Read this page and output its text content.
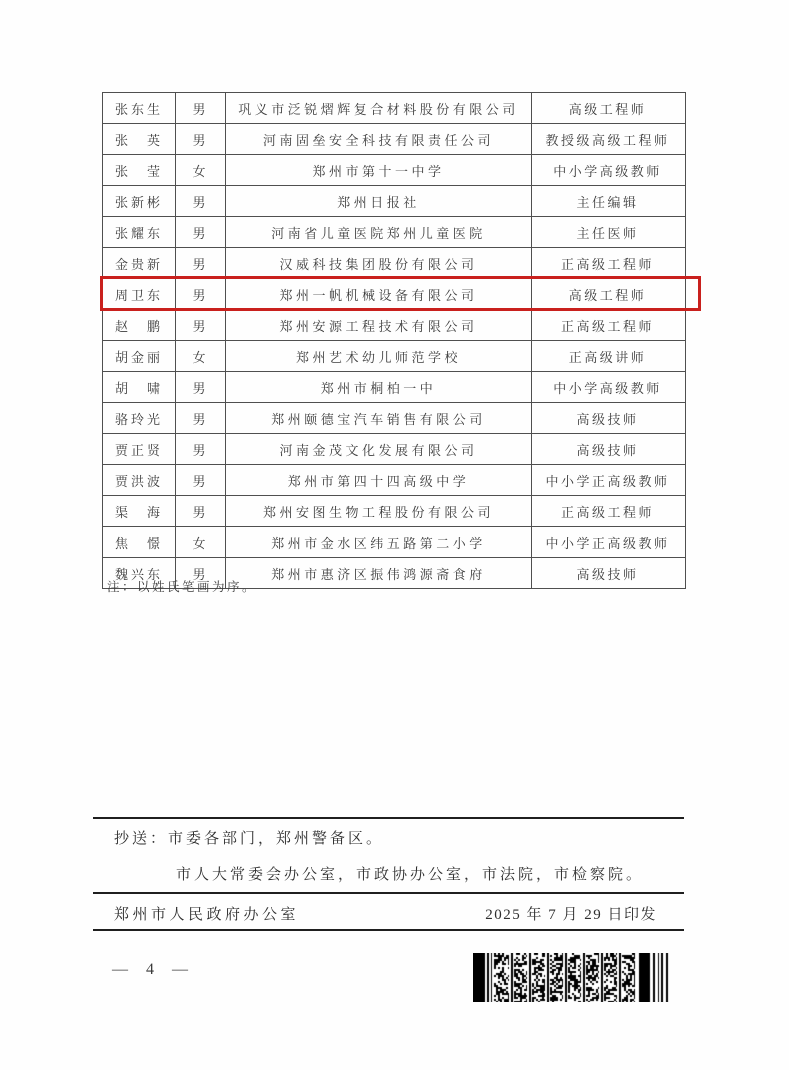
张东生	男	巩义市泛锐熠辉复合材料股份有限公司	高级工程师
张　英	男	河南固垒安全科技有限责任公司	教授级高级工程师
张　莹	女	郑州市第十一中学	中小学高级教师
张新彬	男	郑州日报社	主任编辑
张耀东	男	河南省儿童医院郑州儿童医院	主任医师
金贵新	男	汉威科技集团股份有限公司	正高级工程师
周卫东	男	郑州一帆机械设备有限公司	高级工程师
赵　鹏	男	郑州安源工程技术有限公司	正高级工程师
胡金丽	女	郑州艺术幼儿师范学校	正高级讲师
胡　啸	男	郑州市桐柏一中	中小学高级教师
骆玲光	男	郑州颐德宝汽车销售有限公司	高级技师
贾正贤	男	河南金茂文化发展有限公司	高级技师
贾洪波	男	郑州市第四十四高级中学	中小学正高级教师
渠　海	男	郑州安图生物工程股份有限公司	正高级工程师
焦　憬	女	郑州市金水区纬五路第二小学	中小学正高级教师
魏兴东	男	郑州市惠济区振伟鸿源斋食府	高级技师
注：以姓氏笔画为序。
抄送：市委各部门，郑州警备区。
市人大常委会办公室，市政协办公室，市法院，市检察院。
郑州市人民政府办公室	2025 年 7 月 29 日印发
— 4 —
